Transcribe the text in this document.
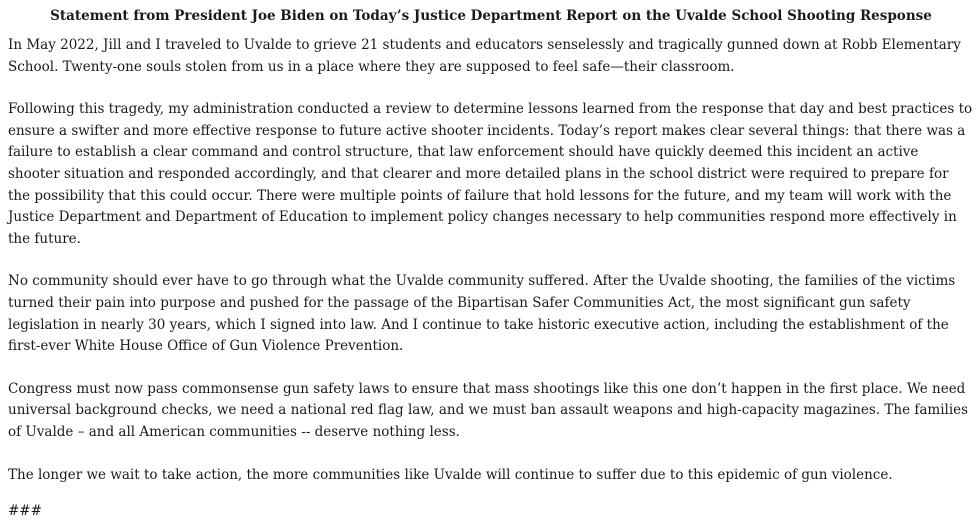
Statement from President Joe Biden on Today’s Justice Department Report on the Uvalde School Shooting Response

In May 2022, Jill and I traveled to Uvalde to grieve 21 students and educators senselessly and tragically gunned down at Robb Elementary School. Twenty-one souls stolen from us in a place where they are supposed to feel safe—their classroom.

Following this tragedy, my administration conducted a review to determine lessons learned from the response that day and best practices to ensure a swifter and more effective response to future active shooter incidents. Today’s report makes clear several things: that there was a failure to establish a clear command and control structure, that law enforcement should have quickly deemed this incident an active shooter situation and responded accordingly, and that clearer and more detailed plans in the school district were required to prepare for the possibility that this could occur. There were multiple points of failure that hold lessons for the future, and my team will work with the Justice Department and Department of Education to implement policy changes necessary to help communities respond more effectively in the future.

No community should ever have to go through what the Uvalde community suffered. After the Uvalde shooting, the families of the victims turned their pain into purpose and pushed for the passage of the Bipartisan Safer Communities Act, the most significant gun safety legislation in nearly 30 years, which I signed into law. And I continue to take historic executive action, including the establishment of the first-ever White House Office of Gun Violence Prevention.

Congress must now pass commonsense gun safety laws to ensure that mass shootings like this one don’t happen in the first place. We need universal background checks, we need a national red flag law, and we must ban assault weapons and high-capacity magazines. The families of Uvalde – and all American communities -- deserve nothing less.

The longer we wait to take action, the more communities like Uvalde will continue to suffer due to this epidemic of gun violence.

###
